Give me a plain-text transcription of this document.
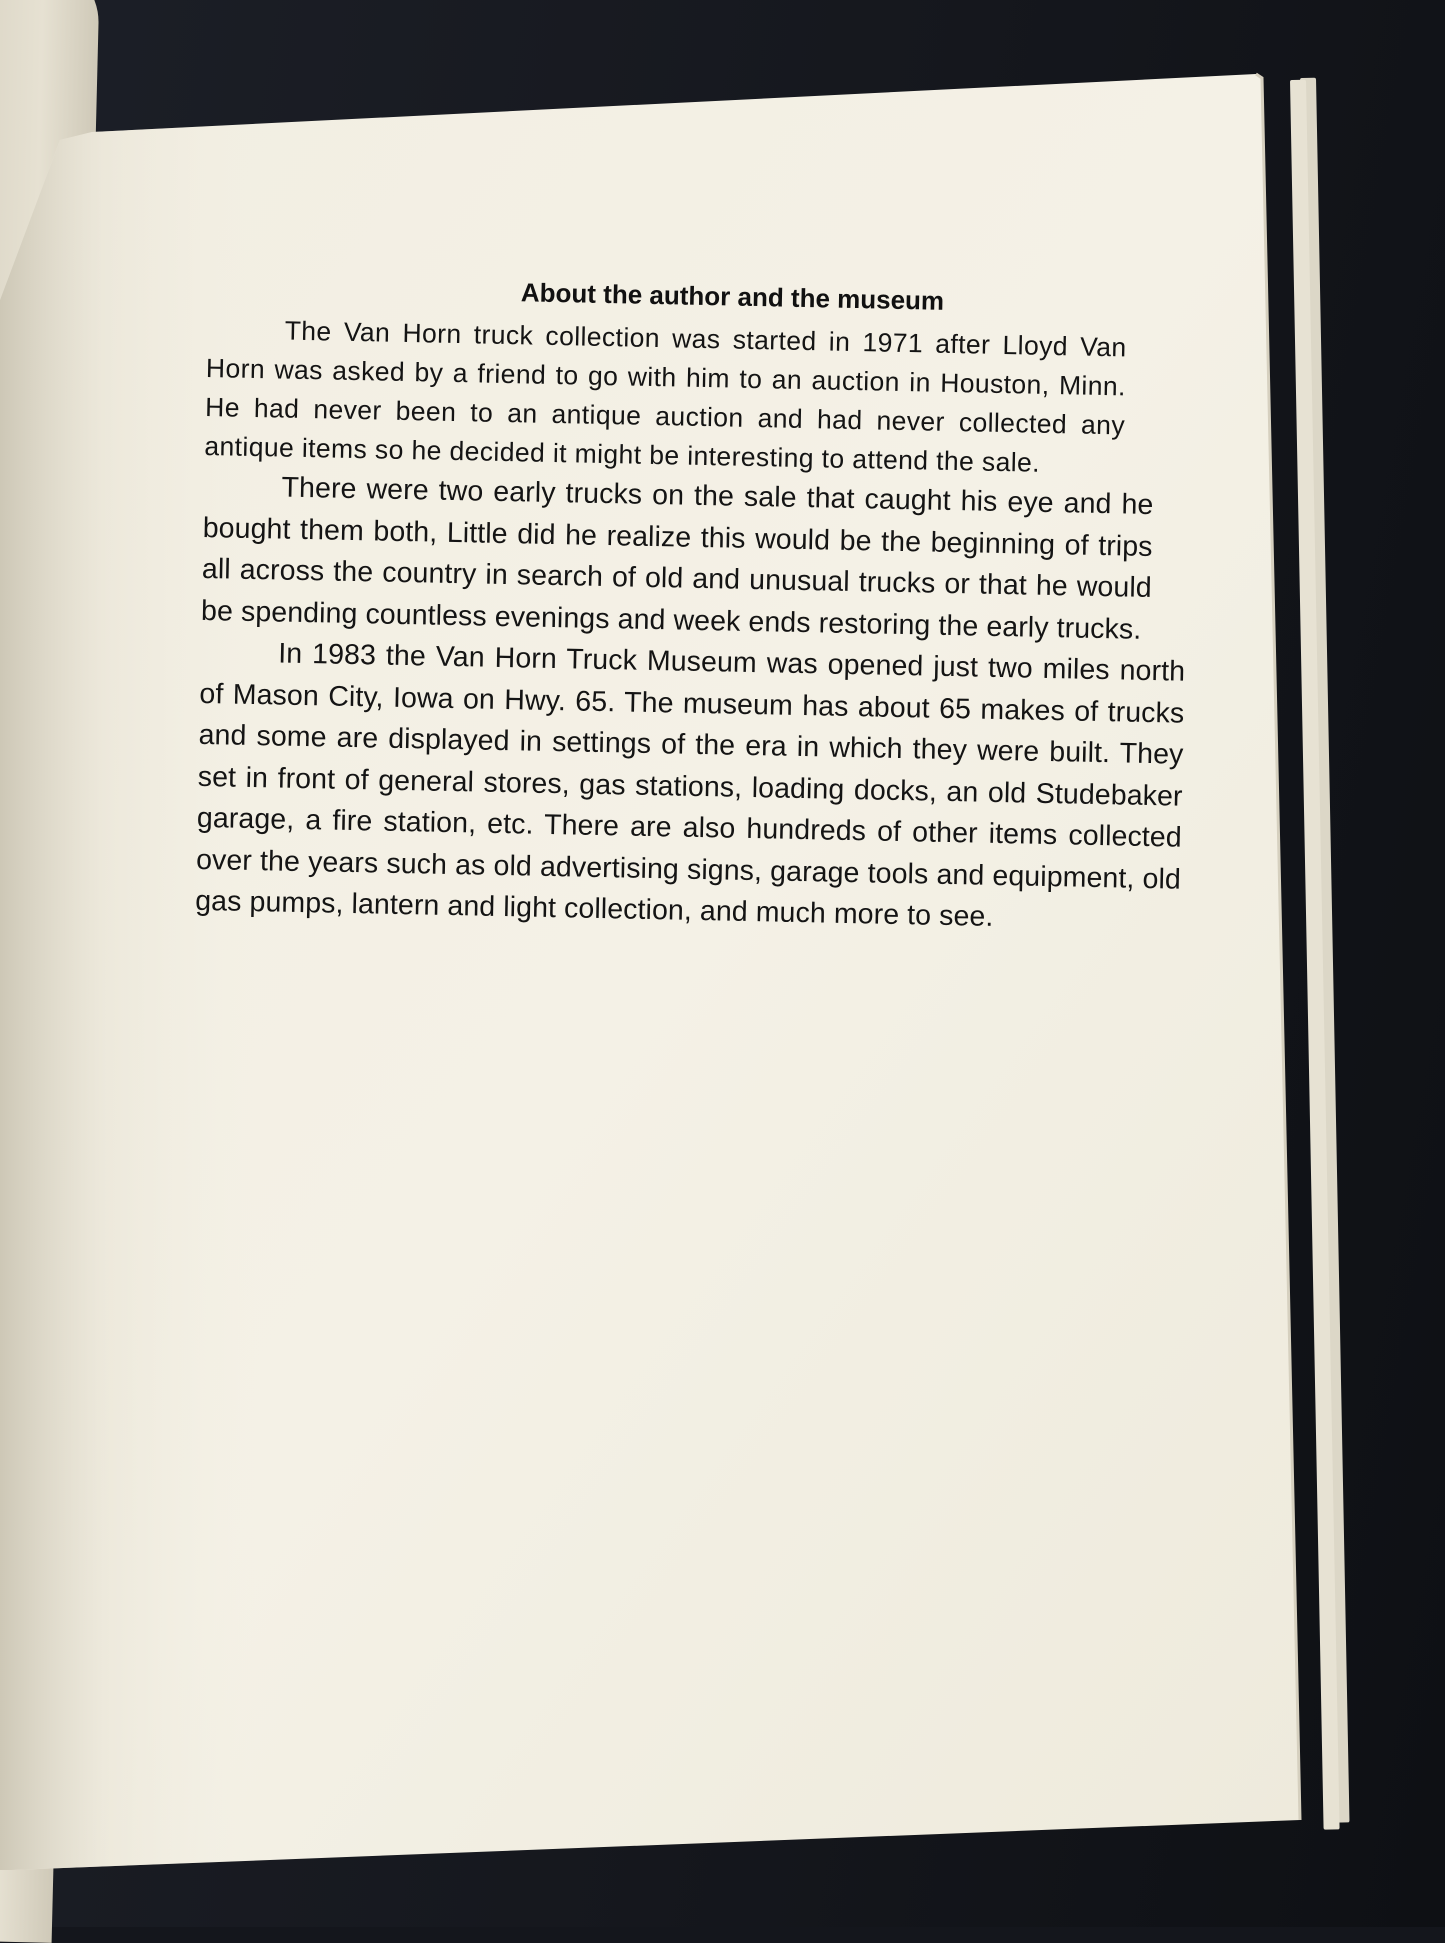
About the author and the museum

The Van Horn truck collection was started in 1971 after Lloyd Van Horn was asked by a friend to go with him to an auction in Houston, Minn. He had never been to an antique auction and had never collected any antique items so he decided it might be interesting to attend the sale.

There were two early trucks on the sale that caught his eye and he bought them both, Little did he realize this would be the beginning of trips all across the country in search of old and unusual trucks or that he would be spending countless evenings and week ends restoring the early trucks.

In 1983 the Van Horn Truck Museum was opened just two miles north of Mason City, Iowa on Hwy. 65. The museum has about 65 makes of trucks and some are displayed in settings of the era in which they were built. They set in front of general stores, gas stations, loading docks, an old Studebaker garage, a fire station, etc. There are also hundreds of other items collected over the years such as old advertising signs, garage tools and equipment, old gas pumps, lantern and light collection, and much more to see.
